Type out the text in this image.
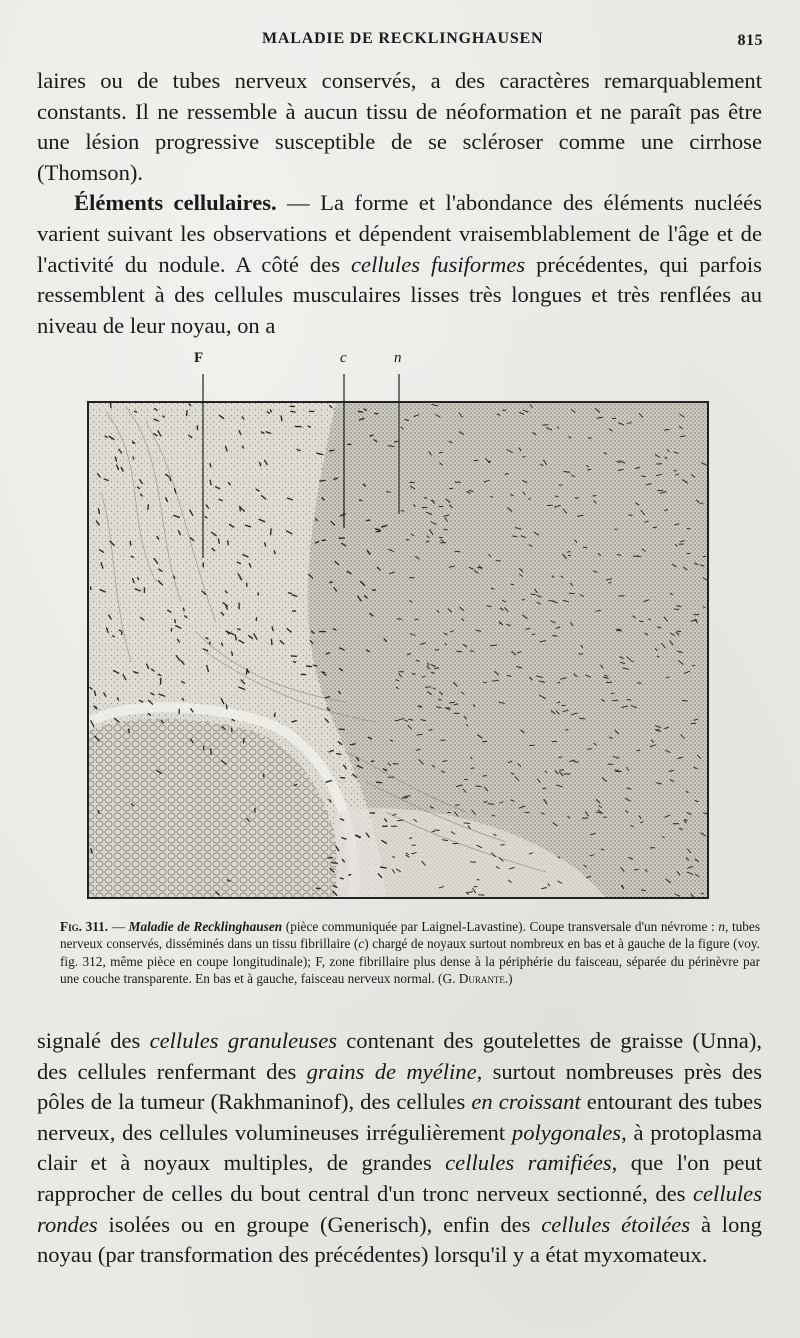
MALADIE DE RECKLINGHAUSEN	815

laires ou de tubes nerveux conservés, a des caractères remarquablement constants. Il ne ressemble à aucun tissu de néoformation et ne paraît pas être une lésion progressive susceptible de se scléroser comme une cirrhose (Thomson).

Éléments cellulaires. — La forme et l'abondance des éléments nucléés varient suivant les observations et dépendent vraisemblablement de l'âge et de l'activité du nodule. A côté des cellules fusiformes précédentes, qui parfois ressemblent à des cellules musculaires lisses très longues et très renflées au niveau de leur noyau, on a

F	c	n

Fig. 311. — Maladie de Recklinghausen (pièce communiquée par Laignel-Lavastine). Coupe transversale d'un névrome : n, tubes nerveux conservés, disséminés dans un tissu fibrillaire (c) chargé de noyaux surtout nombreux en bas et à gauche de la figure (voy. fig. 312, même pièce en coupe longitudinale); F, zone fibrillaire plus dense à la périphérie du faisceau, séparée du périnèvre par une couche transparente. En bas et à gauche, faisceau nerveux normal. (G. Durante.)

signalé des cellules granuleuses contenant des goutelettes de graisse (Unna), des cellules renfermant des grains de myéline, surtout nombreuses près des pôles de la tumeur (Rakhmaninof), des cellules en croissant entourant des tubes nerveux, des cellules volumineuses irrégulièrement polygonales, à protoplasma clair et à noyaux multiples, de grandes cellules ramifiées, que l'on peut rapprocher de celles du bout central d'un tronc nerveux sectionné, des cellules rondes isolées ou en groupe (Generisch), enfin des cellules étoilées à long noyau (par transformation des précédentes) lorsqu'il y a état myxomateux.
